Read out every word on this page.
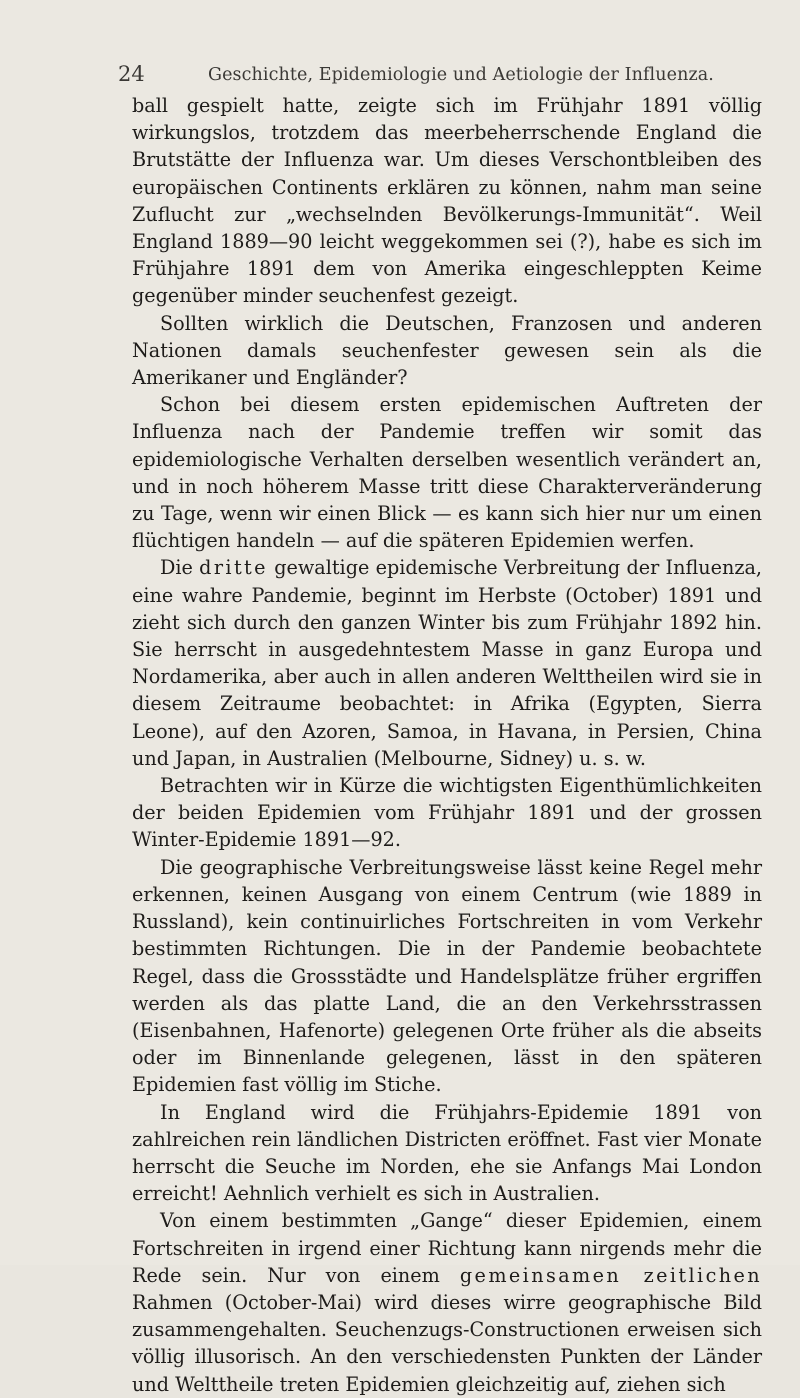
24	Geschichte, Epidemiologie und Aetiologie der Influenza.

ball gespielt hatte, zeigte sich im Frühjahr 1891 völlig wirkungslos, trotzdem das meerbeherrschende England die Brutstätte der Influenza war. Um dieses Verschontbleiben des europäischen Continents erklären zu können, nahm man seine Zuflucht zur „wechselnden Bevölkerungs-Immunität“. Weil England 1889—90 leicht weggekommen sei (?), habe es sich im Frühjahre 1891 dem von Amerika eingeschleppten Keime gegenüber minder seuchenfest gezeigt.

Sollten wirklich die Deutschen, Franzosen und anderen Nationen damals seuchenfester gewesen sein als die Amerikaner und Engländer?

Schon bei diesem ersten epidemischen Auftreten der Influenza nach der Pandemie treffen wir somit das epidemiologische Verhalten derselben wesentlich verändert an, und in noch höherem Masse tritt diese Charakterveränderung zu Tage, wenn wir einen Blick — es kann sich hier nur um einen flüchtigen handeln — auf die späteren Epidemien werfen.

Die dritte gewaltige epidemische Verbreitung der Influenza, eine wahre Pandemie, beginnt im Herbste (October) 1891 und zieht sich durch den ganzen Winter bis zum Frühjahr 1892 hin. Sie herrscht in ausgedehntestem Masse in ganz Europa und Nordamerika, aber auch in allen anderen Welttheilen wird sie in diesem Zeitraume beobachtet: in Afrika (Egypten, Sierra Leone), auf den Azoren, Samoa, in Havana, in Persien, China und Japan, in Australien (Melbourne, Sidney) u. s. w.

Betrachten wir in Kürze die wichtigsten Eigenthümlichkeiten der beiden Epidemien vom Frühjahr 1891 und der grossen Winter-Epidemie 1891—92.

Die geographische Verbreitungsweise lässt keine Regel mehr erkennen, keinen Ausgang von einem Centrum (wie 1889 in Russland), kein continuirliches Fortschreiten in vom Verkehr bestimmten Richtungen. Die in der Pandemie beobachtete Regel, dass die Grossstädte und Handelsplätze früher ergriffen werden als das platte Land, die an den Verkehrsstrassen (Eisenbahnen, Hafenorte) gelegenen Orte früher als die abseits oder im Binnenlande gelegenen, lässt in den späteren Epidemien fast völlig im Stiche.

In England wird die Frühjahrs-Epidemie 1891 von zahlreichen rein ländlichen Districten eröffnet. Fast vier Monate herrscht die Seuche im Norden, ehe sie Anfangs Mai London erreicht! Aehnlich verhielt es sich in Australien.

Von einem bestimmten „Gange“ dieser Epidemien, einem Fortschreiten in irgend einer Richtung kann nirgends mehr die Rede sein. Nur von einem gemeinsamen zeitlichen Rahmen (October-Mai) wird dieses wirre geographische Bild zusammengehalten. Seuchenzugs-Constructionen erweisen sich völlig illusorisch. An den verschiedensten Punkten der Länder und Welttheile treten Epidemien gleichzeitig auf, ziehen sich
